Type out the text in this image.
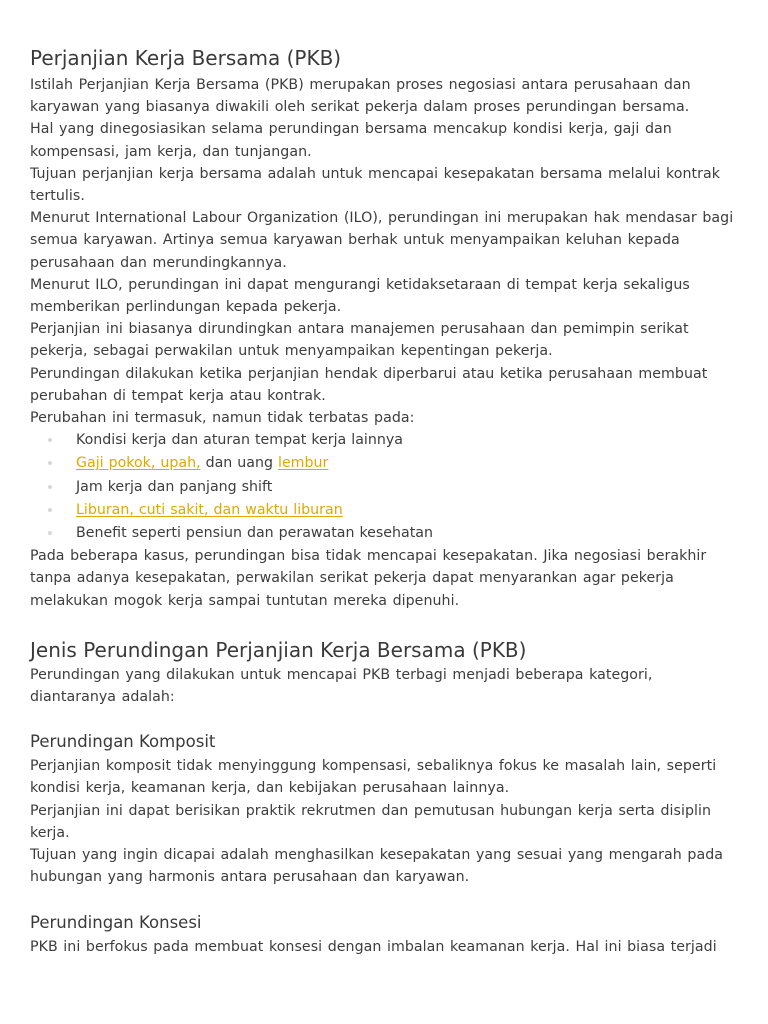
Perjanjian Kerja Bersama (PKB)

Istilah Perjanjian Kerja Bersama (PKB) merupakan proses negosiasi antara perusahaan dan karyawan yang biasanya diwakili oleh serikat pekerja dalam proses perundingan bersama.

Hal yang dinegosiasikan selama perundingan bersama mencakup kondisi kerja, gaji dan kompensasi, jam kerja, dan tunjangan.

Tujuan perjanjian kerja bersama adalah untuk mencapai kesepakatan bersama melalui kontrak tertulis.

Menurut International Labour Organization (ILO), perundingan ini merupakan hak mendasar bagi semua karyawan. Artinya semua karyawan berhak untuk menyampaikan keluhan kepada perusahaan dan merundingkannya.

Menurut ILO, perundingan ini dapat mengurangi ketidaksetaraan di tempat kerja sekaligus memberikan perlindungan kepada pekerja.

Perjanjian ini biasanya dirundingkan antara manajemen perusahaan dan pemimpin serikat pekerja, sebagai perwakilan untuk menyampaikan kepentingan pekerja.

Perundingan dilakukan ketika perjanjian hendak diperbarui atau ketika perusahaan membuat perubahan di tempat kerja atau kontrak.

Perubahan ini termasuk, namun tidak terbatas pada:

Kondisi kerja dan aturan tempat kerja lainnya
Gaji pokok, upah, dan uang lembur
Jam kerja dan panjang shift
Liburan, cuti sakit, dan waktu liburan
Benefit seperti pensiun dan perawatan kesehatan

Pada beberapa kasus, perundingan bisa tidak mencapai kesepakatan. Jika negosiasi berakhir tanpa adanya kesepakatan, perwakilan serikat pekerja dapat menyarankan agar pekerja melakukan mogok kerja sampai tuntutan mereka dipenuhi.

Jenis Perundingan Perjanjian Kerja Bersama (PKB)

Perundingan yang dilakukan untuk mencapai PKB terbagi menjadi beberapa kategori, diantaranya adalah:

Perundingan Komposit

Perjanjian komposit tidak menyinggung kompensasi, sebaliknya fokus ke masalah lain, seperti kondisi kerja, keamanan kerja, dan kebijakan perusahaan lainnya.

Perjanjian ini dapat berisikan praktik rekrutmen dan pemutusan hubungan kerja serta disiplin kerja.

Tujuan yang ingin dicapai adalah menghasilkan kesepakatan yang sesuai yang mengarah pada hubungan yang harmonis antara perusahaan dan karyawan.

Perundingan Konsesi

PKB ini berfokus pada membuat konsesi dengan imbalan keamanan kerja. Hal ini biasa terjadi
